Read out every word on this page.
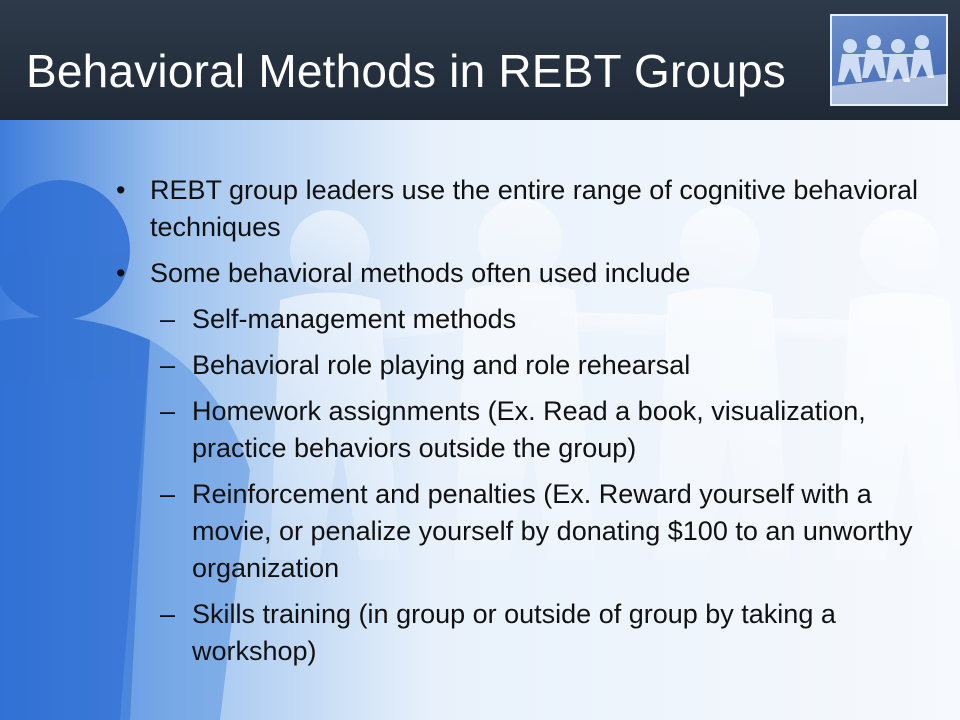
Behavioral Methods in REBT Groups
• REBT group leaders use the entire range of cognitive behavioral techniques
• Some behavioral methods often used include
– Self-management methods
– Behavioral role playing and role rehearsal
– Homework assignments (Ex. Read a book, visualization, practice behaviors outside the group)
– Reinforcement and penalties (Ex. Reward yourself with a movie, or penalize yourself by donating $100 to an unworthy organization
– Skills training (in group or outside of group by taking a workshop)
